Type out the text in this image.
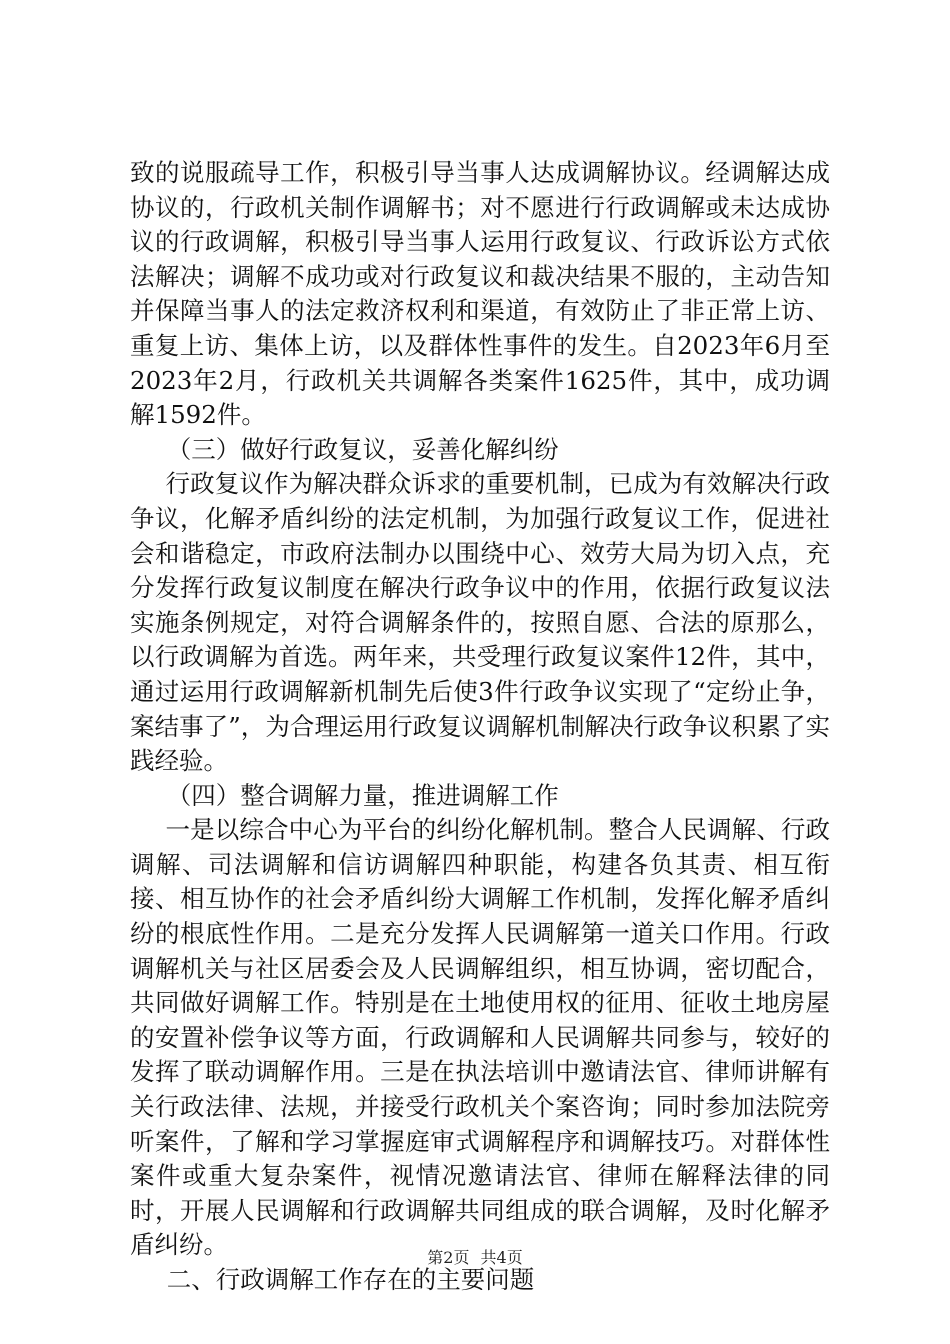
致的说服疏导工作，积极引导当事人达成调解协议。经调解达成协议的，行政机关制作调解书；对不愿进行行政调解或未达成协议的行政调解，积极引导当事人运用行政复议、行政诉讼方式依法解决；调解不成功或对行政复议和裁决结果不服的，主动告知并保障当事人的法定救济权利和渠道，有效防止了非正常上访、重复上访、集体上访，以及群体性事件的发生。自2023年6月至2023年2月，行政机关共调解各类案件1625件，其中，成功调解1592件。

（三）做好行政复议，妥善化解纠纷

行政复议作为解决群众诉求的重要机制，已成为有效解决行政争议，化解矛盾纠纷的法定机制，为加强行政复议工作，促进社会和谐稳定，市政府法制办以围绕中心、效劳大局为切入点，充分发挥行政复议制度在解决行政争议中的作用，依据行政复议法实施条例规定，对符合调解条件的，按照自愿、合法的原那么，以行政调解为首选。两年来，共受理行政复议案件12件，其中，通过运用行政调解新机制先后使3件行政争议实现了“定纷止争，案结事了”，为合理运用行政复议调解机制解决行政争议积累了实践经验。

（四）整合调解力量，推进调解工作

一是以综合中心为平台的纠纷化解机制。整合人民调解、行政调解、司法调解和信访调解四种职能，构建各负其责、相互衔接、相互协作的社会矛盾纠纷大调解工作机制，发挥化解矛盾纠纷的根底性作用。二是充分发挥人民调解第一道关口作用。行政调解机关与社区居委会及人民调解组织，相互协调，密切配合，共同做好调解工作。特别是在土地使用权的征用、征收土地房屋的安置补偿争议等方面，行政调解和人民调解共同参与，较好的发挥了联动调解作用。三是在执法培训中邀请法官、律师讲解有关行政法律、法规，并接受行政机关个案咨询；同时参加法院旁听案件，了解和学习掌握庭审式调解程序和调解技巧。对群体性案件或重大复杂案件，视情况邀请法官、律师在解释法律的同时，开展人民调解和行政调解共同组成的联合调解，及时化解矛盾纠纷。

二、行政调解工作存在的主要问题

第2页 共4页
